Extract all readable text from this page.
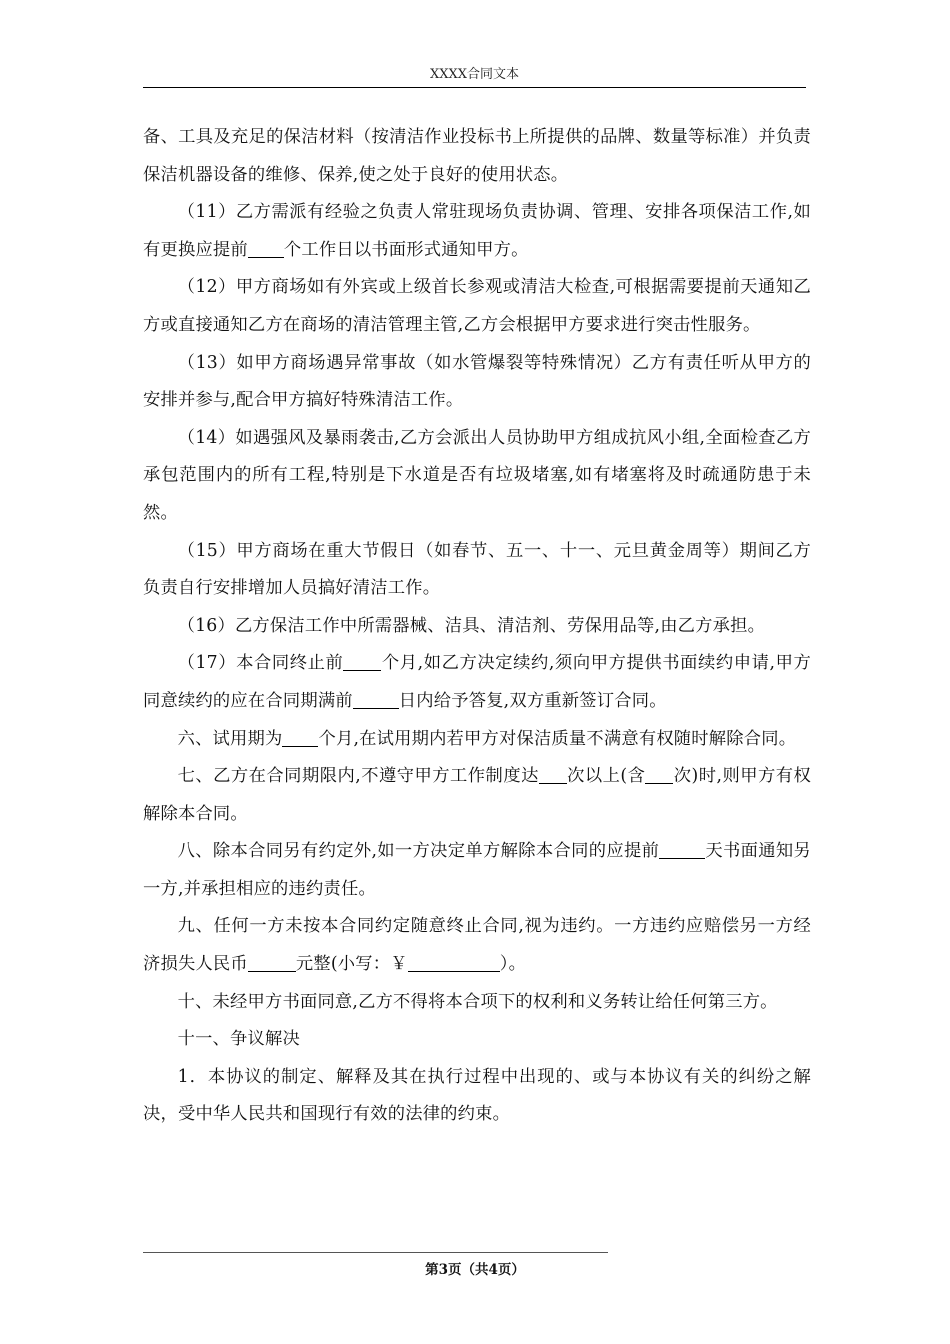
XXXX合同文本

备、工具及充足的保洁材料（按清洁作业投标书上所提供的品牌、数量等标准）并负责保洁机器设备的维修、保养,使之处于良好的使用状态。

（11）乙方需派有经验之负责人常驻现场负责协调、管理、安排各项保洁工作,如有更换应提前 个工作日以书面形式通知甲方。

（12）甲方商场如有外宾或上级首长参观或清洁大检查,可根据需要提前天通知乙方或直接通知乙方在商场的清洁管理主管,乙方会根据甲方要求进行突击性服务。

（13）如甲方商场遇异常事故（如水管爆裂等特殊情况）乙方有责任听从甲方的安排并参与,配合甲方搞好特殊清洁工作。

（14）如遇强风及暴雨袭击,乙方会派出人员协助甲方组成抗风小组,全面检查乙方承包范围内的所有工程,特别是下水道是否有垃圾堵塞,如有堵塞将及时疏通防患于未然。

（15）甲方商场在重大节假日（如春节、五一、十一、元旦黄金周等）期间乙方负责自行安排增加人员搞好清洁工作。

（16）乙方保洁工作中所需器械、洁具、清洁剂、劳保用品等,由乙方承担。

（17）本合同终止前 个月,如乙方决定续约,须向甲方提供书面续约申请,甲方同意续约的应在合同期满前	日内给予答复,双方重新签订合同。

六、试用期为 个月,在试用期内若甲方对保洁质量不满意有权随时解除合同。

七、乙方在合同期限内,不遵守甲方工作制度达 次以上(含 次)时,则甲方有权解除本合同。

八、除本合同另有约定外,如一方决定单方解除本合同的应提前	天书面通知另一方,并承担相应的违约责任。

九、任何一方未按本合同约定随意终止合同,视为违约。一方违约应赔偿另一方经济损失人民币	元整(小写：￥	）。

十、未经甲方书面同意,乙方不得将本合项下的权利和义务转让给任何第三方。

十一、争议解决

1．本协议的制定、解释及其在执行过程中出现的、或与本协议有关的纠纷之解决，受中华人民共和国现行有效的法律的约束。

第3页（共4页）
